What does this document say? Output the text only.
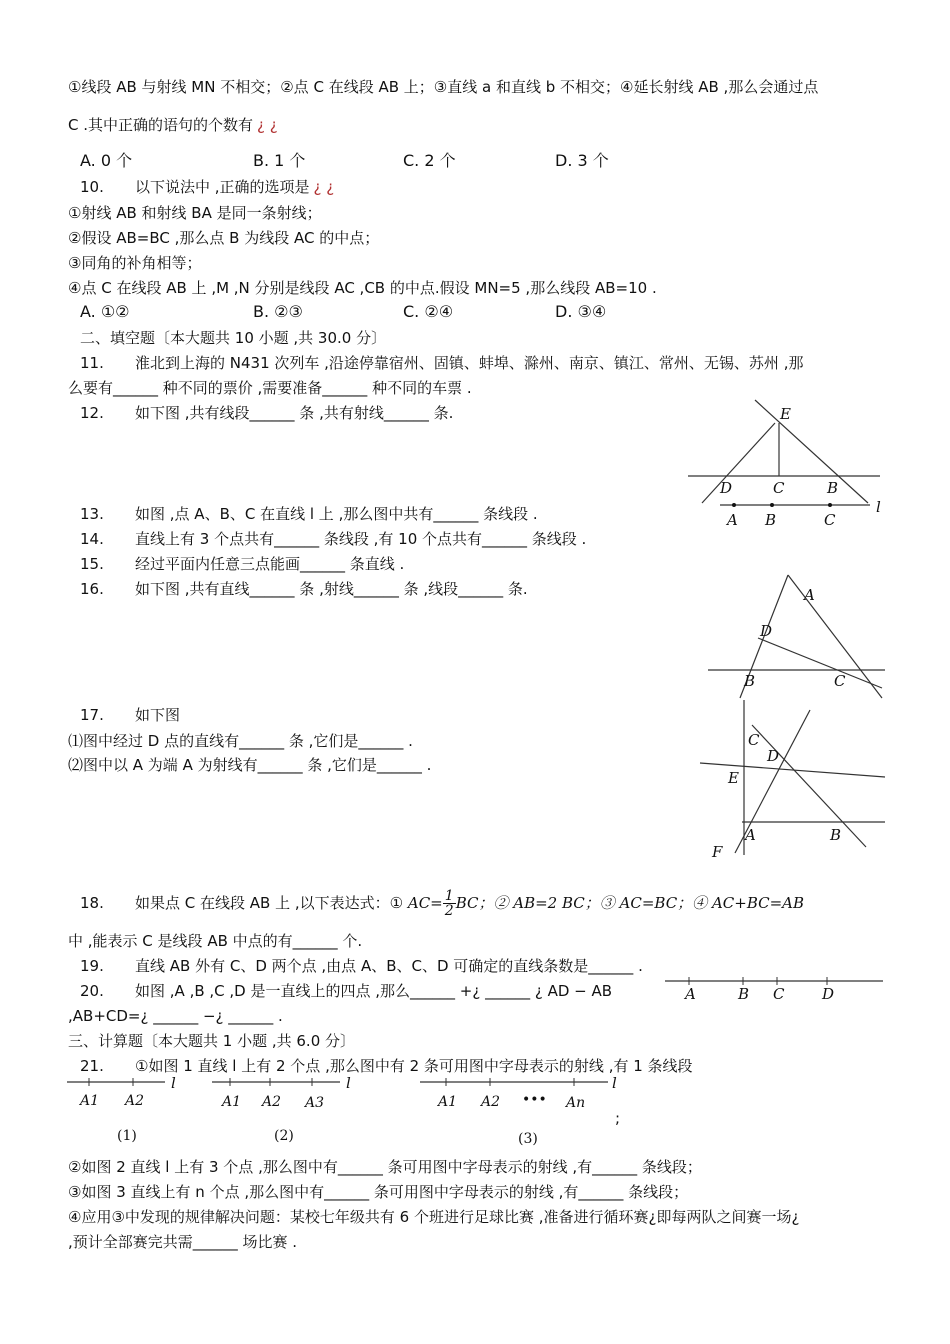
①线段 AB 与射线 MN 不相交；②点 C 在线段 AB 上；③直线 a 和直线 b 不相交；④延长射线 AB ,那么会通过点
C .其中正确的语句的个数有 ¿ ¿
A. 0 个	B. 1 个	C. 2 个	D. 3 个
10. 以下说法中 ,正确的选项是 ¿ ¿
①射线 AB 和射线 BA 是同一条射线；
②假设 AB=BC ,那么点 B 为线段 AC 的中点；
③同角的补角相等；
④点 C 在线段 AB 上 ,M ,N 分别是线段 AC ,CB 的中点.假设 MN=5 ,那么线段 AB=10 .
A. ①②	B. ②③	C. ②④	D. ③④
二、填空题〔本大题共 10 小题 ,共 30.0 分〕
11. 淮北到上海的 N431 次列车 ,沿途停靠宿州、固镇、蚌埠、滁州、南京、镇江、常州、无锡、苏州 ,那
么要有______ 种不同的票价 ,需要准备______ 种不同的车票 .
12. 如下图 ,共有线段______ 条 ,共有射线______ 条.	E
D	C	B
A B	C
l
13. 如图 ,点 A、B、C 在直线 l 上 ,那么图中共有______ 条线段 .
14. 直线上有 3 个点共有______ 条线段 ,有 10 个点共有______ 条线段 .
15. 经过平面内任意三点能画______ 条直线 .
16. 如下图 ,共有直线______ 条 ,射线______ 条 ,线段______ 条.	A
D
B	C
17. 如下图
⑴图中经过 D 点的直线有______ 条 ,它们是______ .
⑵图中以 A 为端 A 为射线有______ 条 ,它们是______ .
C
D
E
A	B
F
18. 如果点 C 在线段 AB 上 ,以下表达式：① $AC= \frac{1}{2}$ BC；② AB=2 BC；③ AC=BC；④ AC+BC=AB
中 ,能表示 C 是线段 AB 中点的有______ 个.
19. 直线 AB 外有 C、D 两个点 ,由点 A、B、C、D 可确定的直线条数是______ .
20. 如图 ,A ,B ,C ,D 是一直线上的四点 ,那么______ +¿ ______ ¿ AD − AB
,AB+CD=¿ ______ −¿ ______ .
A	B C	D
三、计算题〔本大题共 1 小题 ,共 6.0 分〕
21. ①如图 1 直线 l 上有 2 个点 ,那么图中有 2 条可用图中字母表示的射线 ,有 1 条线段
l
A1 A2
(1)
l
A1 A2 A3
(2)
l
A1 A2 ••• An
(3)
;
②如图 2 直线 l 上有 3 个点 ,那么图中有______ 条可用图中字母表示的射线 ,有______ 条线段；
③如图 3 直线上有 n 个点 ,那么图中有______ 条可用图中字母表示的射线 ,有______ 条线段；
④应用③中发现的规律解决问题：某校七年级共有 6 个班进行足球比赛 ,准备进行循环赛¿即每两队之间赛一场¿
,预计全部赛完共需______ 场比赛 .
